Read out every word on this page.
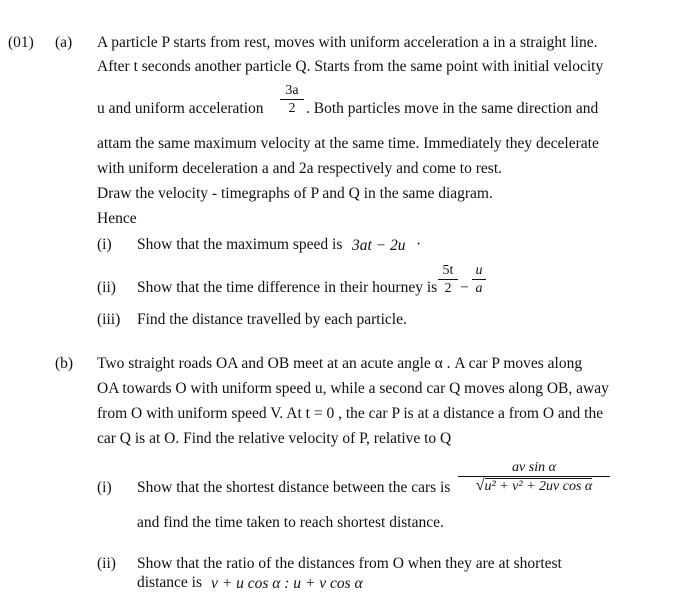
(01) (a) A particle P starts from rest, moves with uniform acceleration a in a straight line.
After t seconds another particle Q. Starts from the same point with initial velocity
u and uniform acceleration
3a
2 . Both particles move in the same direction and
attam the same maximum velocity at the same time. Immediately they decelerate
with uniform deceleration a and 2a respectively and come to rest.
Draw the velocity - timegraphs of P and Q in the same diagram.
Hence
(i) Show that the maximum speed is 3at − 2u ·
(ii) Show that the time difference in their hourney is
5t
2 −
u
a
(iii) Find the distance travelled by each particle.
(b) Two straight roads OA and OB meet at an acute angle α . A car P moves along
OA towards O with uniform speed u, while a second car Q moves along OB, away
from O with uniform speed V. At t = 0 , the car P is at a distance a from O and the
car Q is at O. Find the relative velocity of P, relative to Q
(i) Show that the shortest distance between the cars is
av sin α
√u² + v² + 2uv cos α
and find the time taken to reach shortest distance.
(ii) Show that the ratio of the distances from O when they are at shortest
distance is v + u cos α : u + v cos α
